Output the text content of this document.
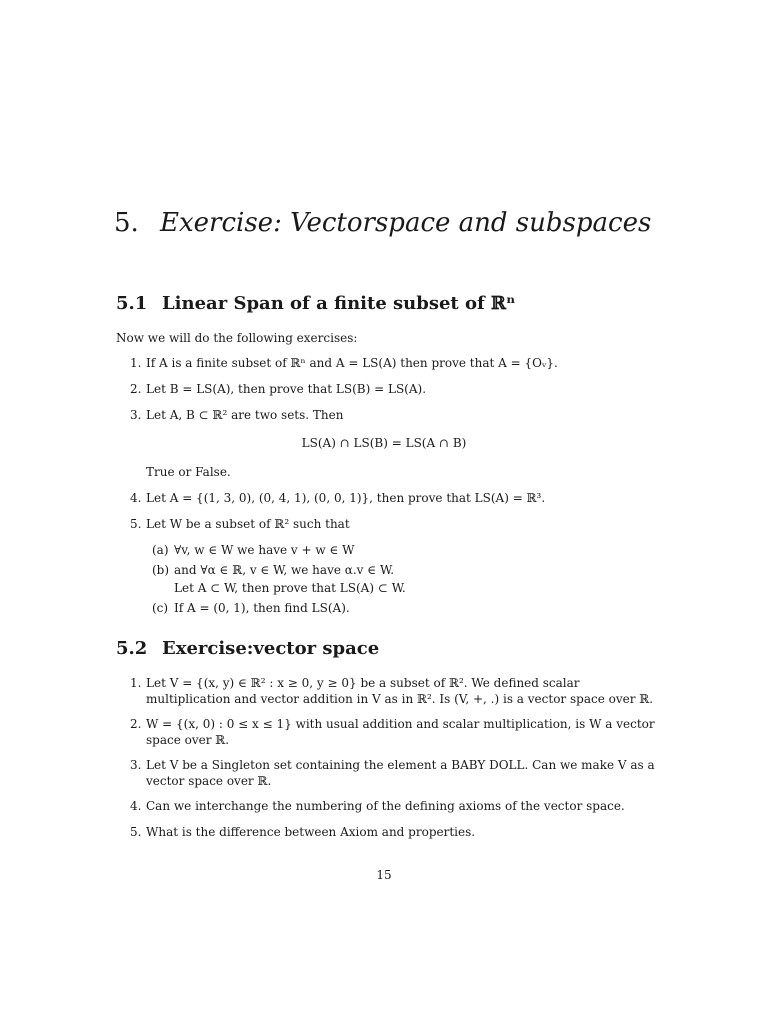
5. Exercise: Vectorspace and subspaces
5.1 Linear Span of a finite subset of ℝⁿ
Now we will do the following exercises:
1. If A is a finite subset of ℝⁿ and A = LS(A) then prove that A = {Oᵥ}.
2. Let B = LS(A), then prove that LS(B) = LS(A).
3. Let A, B ⊂ ℝ² are two sets. Then
LS(A) ∩ LS(B) = LS(A ∩ B)
True or False.
4. Let A = {(1, 3, 0), (0, 4, 1), (0, 0, 1)}, then prove that LS(A) = ℝ³.
5. Let W be a subset of ℝ² such that
(a) ∀v, w ∈ W we have v + w ∈ W
(b) and ∀α ∈ ℝ, v ∈ W, we have α.v ∈ W.
Let A ⊂ W, then prove that LS(A) ⊂ W.
(c) If A = (0, 1), then find LS(A).
5.2 Exercise:vector space
1. Let V = {(x, y) ∈ ℝ² : x ≥ 0, y ≥ 0} be a subset of ℝ². We defined scalar multiplication and vector addition in V as in ℝ². Is (V, +, .) is a vector space over ℝ.
2. W = {(x, 0) : 0 ≤ x ≤ 1} with usual addition and scalar multiplication, is W a vector space over ℝ.
3. Let V be a Singleton set containing the element a BABY DOLL. Can we make V as a vector space over ℝ.
4. Can we interchange the numbering of the defining axioms of the vector space.
5. What is the difference between Axiom and properties.
15
